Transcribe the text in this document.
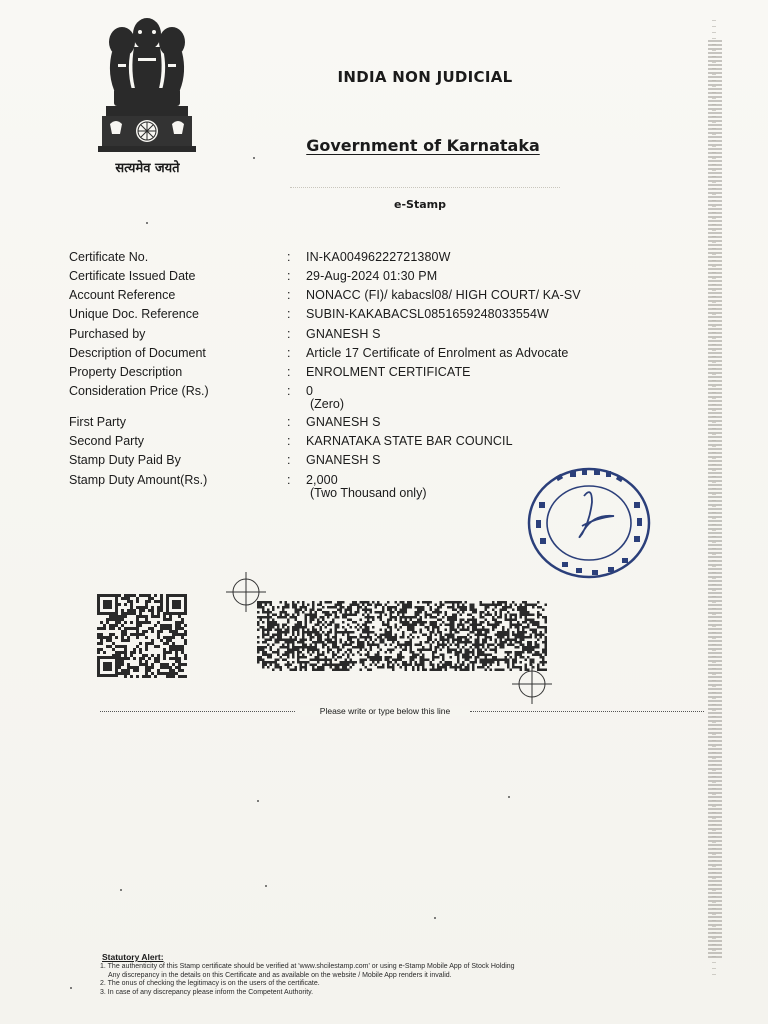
सत्यमेव जयते
INDIA NON JUDICIAL
Government of Karnataka
e-Stamp
Certificate No.	: IN-KA00496222721380W
Certificate Issued Date	: 29-Aug-2024 01:30 PM
Account Reference	: NONACC (FI)/ kabacsl08/ HIGH COURT/ KA-SV
Unique Doc. Reference	: SUBIN-KAKABACSL0851659248033554W
Purchased by	: GNANESH S
Description of Document	: Article 17 Certificate of Enrolment as Advocate
Property Description	: ENROLMENT CERTIFICATE
Consideration Price (Rs.)	: 0
(Zero)
First Party	: GNANESH S
Second Party	: KARNATAKA STATE BAR COUNCIL
Stamp Duty Paid By	: GNANESH S
Stamp Duty Amount(Rs.)	: 2,000
(Two Thousand only)
Please write or type below this line
Statutory Alert:
1. The authenticity of this Stamp certificate should be verified at 'www.shcilestamp.com' or using e-Stamp Mobile App of Stock Holding
Any discrepancy in the details on this Certificate and as available on the website / Mobile App renders it invalid.
2. The onus of checking the legitimacy is on the users of the certificate.
3. In case of any discrepancy please inform the Competent Authority.
